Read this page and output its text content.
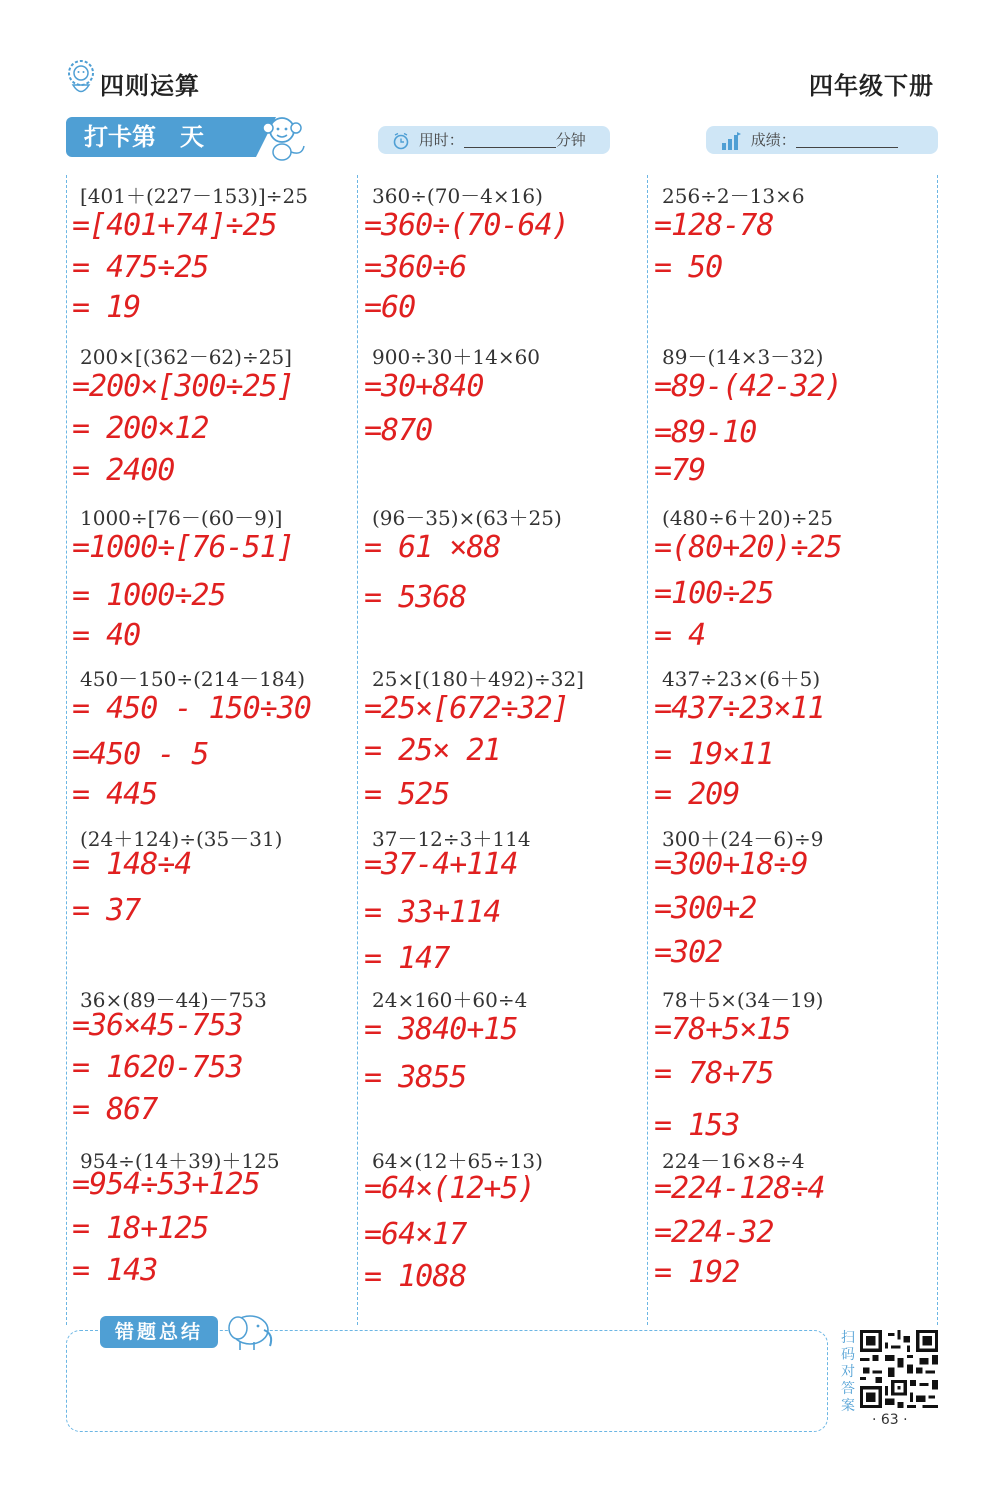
四则运算	四年级下册
打卡第　天	用时：	分钟	成绩：
[401＋(227－153)]÷25
=[401+74]÷25
= 475÷25
= 19
360÷(70－4×16)
=360÷(70-64)
=360÷6
=60
256÷2－13×6
=128-78
= 50
200×[(362－62)÷25]
=200×[300÷25]
= 200×12
= 2400
900÷30＋14×60
=30+840
=870
89－(14×3－32)
=89-(42-32)
=89-10
=79
1000÷[76－(60－9)]
=1000÷[76-51]
= 1000÷25
= 40
(96－35)×(63＋25)
= 61 ×88
= 5368
(480÷6＋20)÷25
=(80+20)÷25
=100÷25
= 4
450－150÷(214－184)
= 450 - 150÷30
=450 - 5
= 445
25×[(180＋492)÷32]
=25×[672÷32]
= 25× 21
= 525
437÷23×(6＋5)
=437÷23×11
= 19×11
= 209
(24＋124)÷(35－31)
= 148÷4
= 37
37－12÷3＋114
=37-4+114
= 33+114
= 147
300＋(24－6)÷9
=300+18÷9
=300+2
=302
36×(89－44)－753
=36×45-753
= 1620-753
= 867
24×160＋60÷4
= 3840+15
= 3855
78＋5×(34－19)
=78+5×15
= 78+75
= 153
954÷(14＋39)＋125
=954÷53+125
= 18+125
= 143
64×(12＋65÷13)
=64×(12+5)
=64×17
= 1088
224－16×8÷4
=224-128÷4
=224-32
= 192
错题总结	扫码对答案
· 63 ·
